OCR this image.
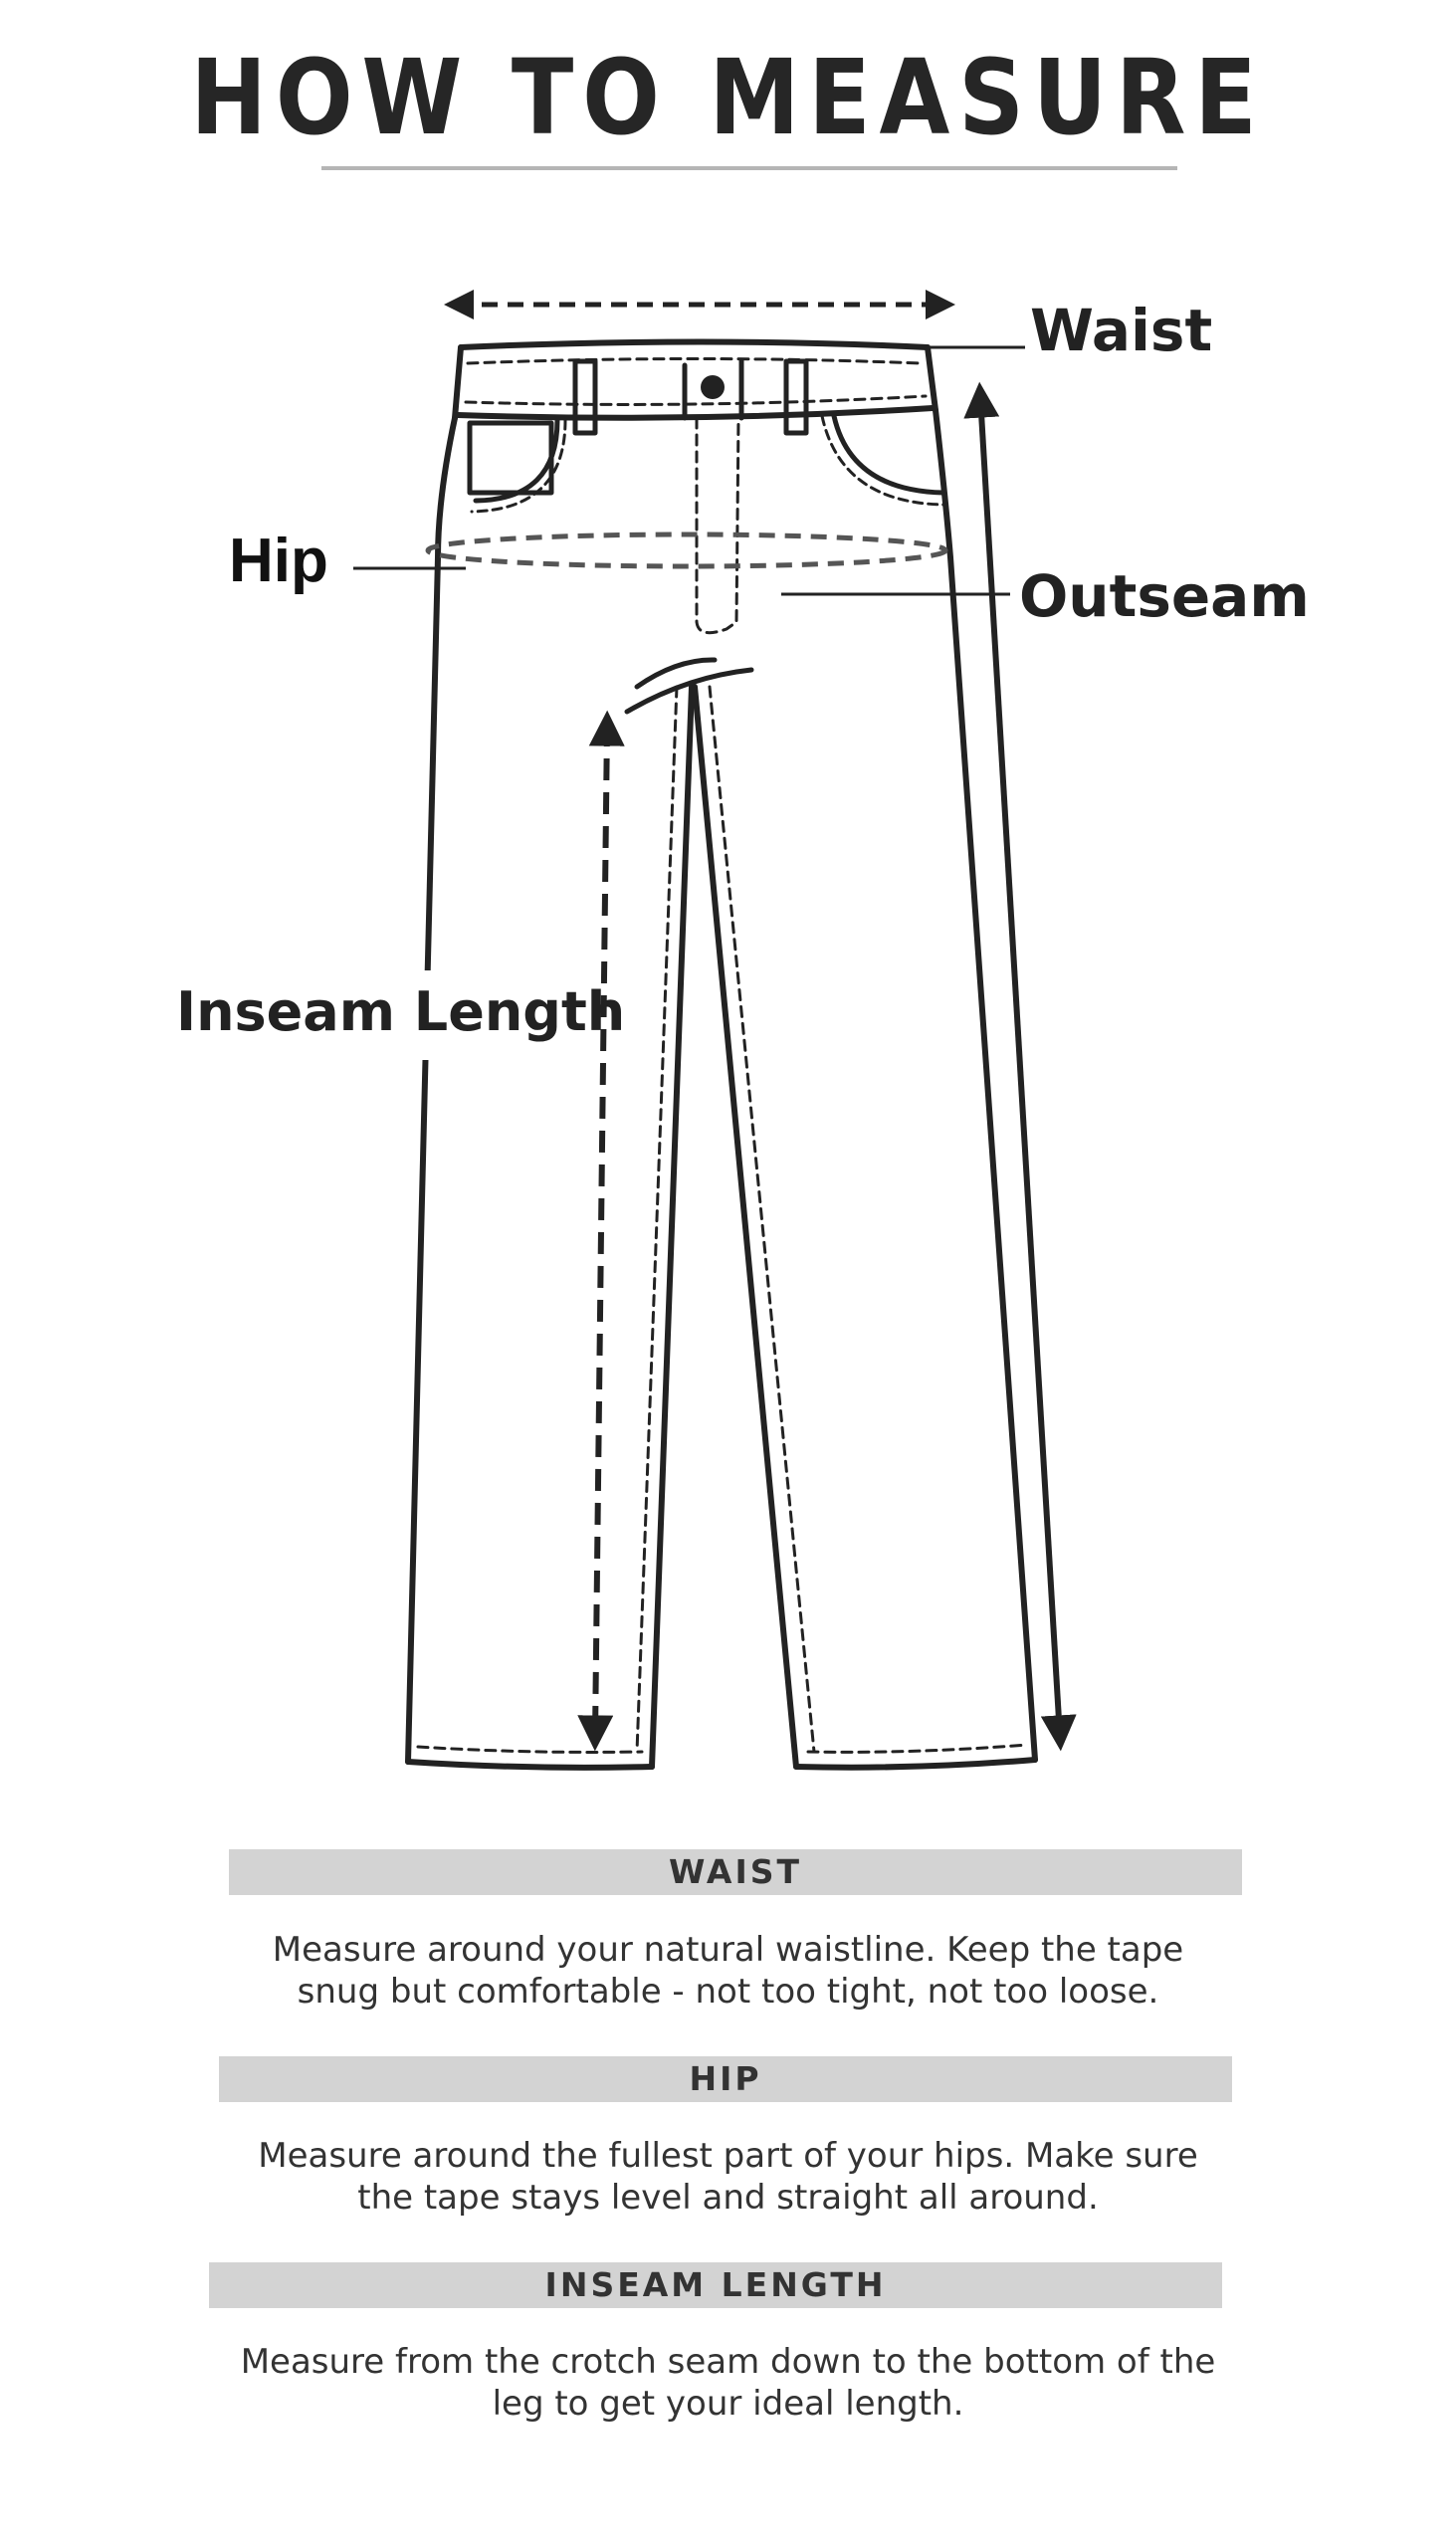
HOW TO MEASURE
Waist
Hip
Outseam
Inseam Length
WAIST
Measure around your natural waistline. Keep the tape
snug but comfortable - not too tight, not too loose.
HIP
Measure around the fullest part of your hips. Make sure
the tape stays level and straight all around.
INSEAM LENGTH
Measure from the crotch seam down to the bottom of the
leg to get your ideal length.
